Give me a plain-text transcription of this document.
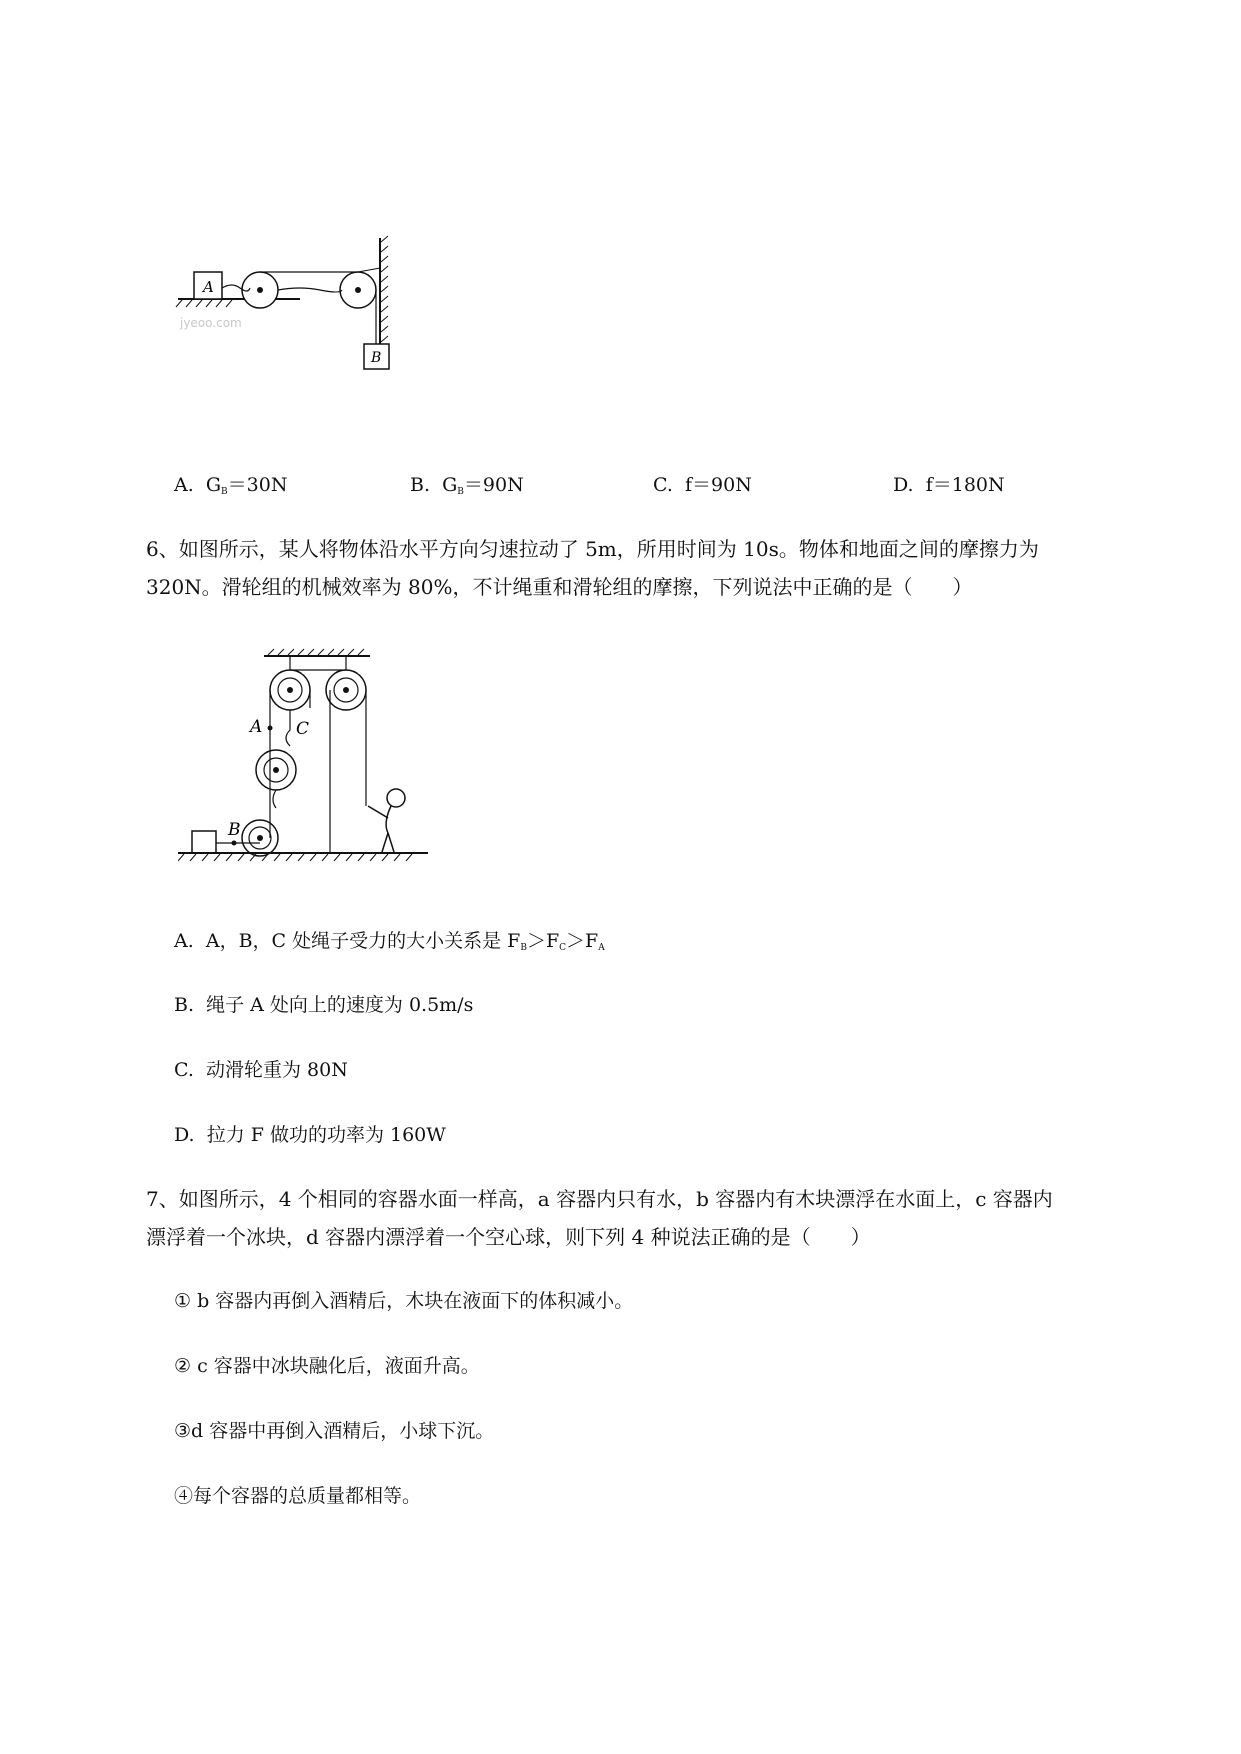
A
B
jyeoo.com
A. $G_B=30N$	B. $G_B=90N$	C. f＝90N	D. f＝180N
6、如图所示，某人将物体沿水平方向匀速拉动了 5m，所用时间为 10s。物体和地面之间的摩擦力为
320N。滑轮组的机械效率为 80%，不计绳重和滑轮组的摩擦，下列说法中正确的是（　　）
A C
B
A. A，B，C 处绳子受力的大小关系是 $F_B>F_C>F_A$
B. 绳子 A 处向上的速度为 0.5m/s
C. 动滑轮重为 80N
D. 拉力 F 做功的功率为 160W
7、如图所示，4 个相同的容器水面一样高，a 容器内只有水，b 容器内有木块漂浮在水面上，c 容器内
漂浮着一个冰块，d 容器内漂浮着一个空心球，则下列 4 种说法正确的是（　　）
① b 容器内再倒入酒精后，木块在液面下的体积减小。
② c 容器中冰块融化后，液面升高。
③d 容器中再倒入酒精后，小球下沉。
④每个容器的总质量都相等。
